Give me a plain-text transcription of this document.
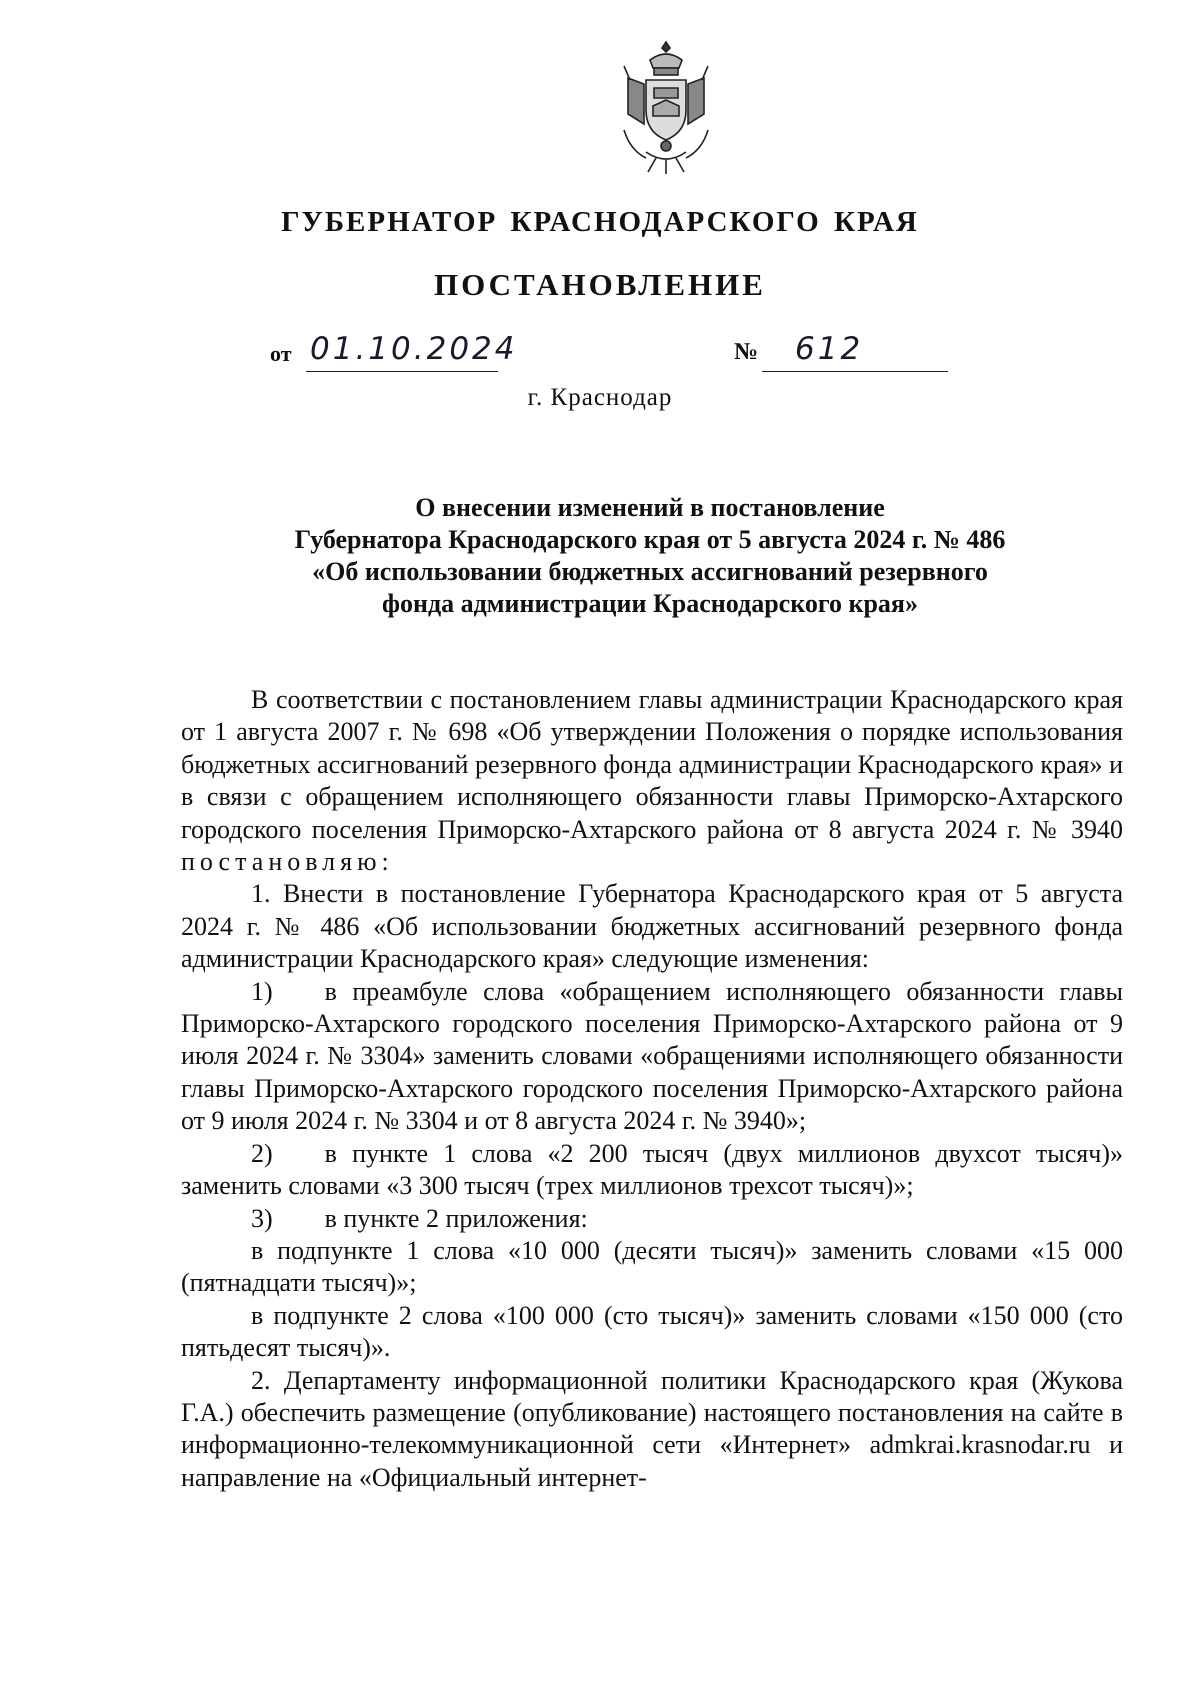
ГУБЕРНАТОР КРАСНОДАРСКОГО КРАЯ
ПОСТАНОВЛЕНИЕ
от 01.10.2024	№ 612
г. Краснодар
О внесении изменений в постановление
Губернатора Краснодарского края от 5 августа 2024 г. № 486
«Об использовании бюджетных ассигнований резервного
фонда администрации Краснодарского края»

В соответствии с постановлением главы администрации Краснодарского края от 1 августа 2007 г. № 698 «Об утверждении Положения о порядке использования бюджетных ассигнований резервного фонда администрации Краснодарского края» и в связи с обращением исполняющего обязанности главы Приморско-Ахтарского городского поселения Приморско-Ахтарского района от 8 августа 2024 г. № 3940 постановляю:

1. Внести в постановление Губернатора Краснодарского края от 5 августа 2024 г. № 486 «Об использовании бюджетных ассигнований резервного фонда администрации Краснодарского края» следующие изменения:

1)  в преамбуле слова «обращением исполняющего обязанности главы Приморско-Ахтарского городского поселения Приморско-Ахтарского района от 9 июля 2024 г. № 3304» заменить словами «обращениями исполняющего обязанности главы Приморско-Ахтарского городского поселения Приморско-Ахтарского района от 9 июля 2024 г. № 3304 и от 8 августа 2024 г. № 3940»;

2)  в пункте 1 слова «2 200 тысяч (двух миллионов двухсот тысяч)» заменить словами «3 300 тысяч (трех миллионов трехсот тысяч)»;

3)  в пункте 2 приложения:

в подпункте 1 слова «10 000 (десяти тысяч)» заменить словами «15 000 (пятнадцати тысяч)»;

в подпункте 2 слова «100 000 (сто тысяч)» заменить словами «150 000 (сто пятьдесят тысяч)».

2. Департаменту информационной политики Краснодарского края (Жукова Г.А.) обеспечить размещение (опубликование) настоящего постановления на сайте в информационно-телекоммуникационной сети «Интернет» admkrai.krasnodar.ru и направление на «Официальный интернет-
